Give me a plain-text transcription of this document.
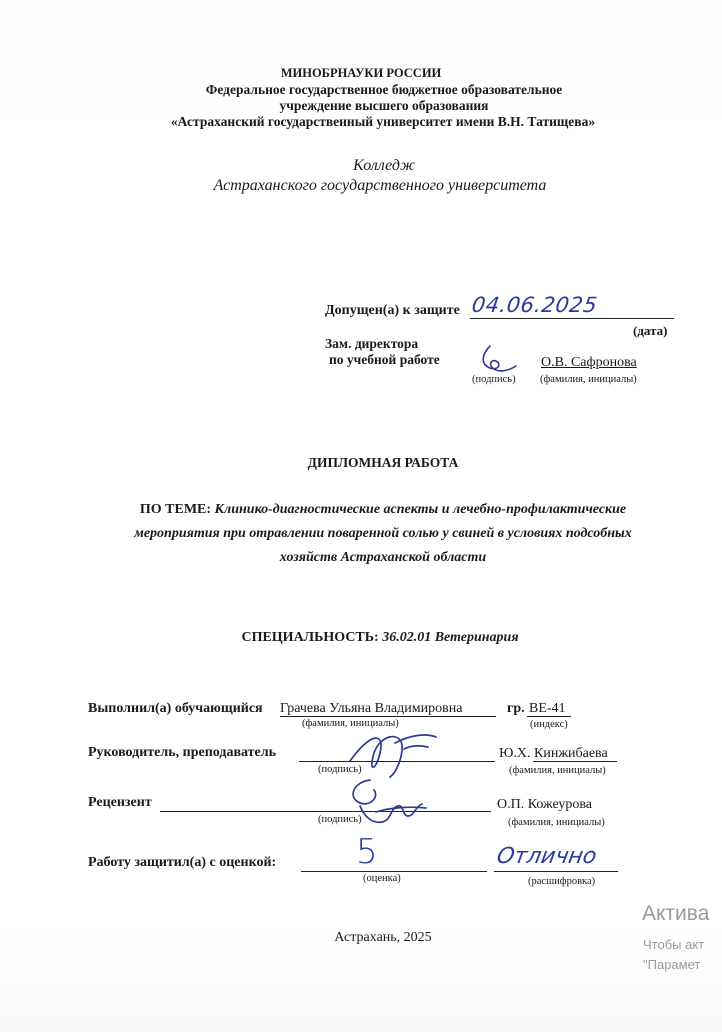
МИНОБРНАУКИ РОССИИ
Федеральное государственное бюджетное образовательное
учреждение высшего образования
«Астраханский государственный университет имени В.Н. Татищева»
Колледж
Астраханского государственного университета
Допущен(а) к защите 04.06.2025
(дата)
Зам. директора
по учебной работе
(подпись)
О.В. Сафронова
(фамилия, инициалы)
ДИПЛОМНАЯ РАБОТА
ПО ТЕМЕ: Клинико-диагностические аспекты и лечебно-профилактические
мероприятия при отравлении поваренной солью у свиней в условиях подсобных
хозяйств Астраханской области
СПЕЦИАЛЬНОСТЬ: 36.02.01 Ветеринария
Выполнил(а) обучающийся Грачева Ульяна Владимировна
(фамилия, инициалы)
гр. ВЕ-41
(индекс)
Руководитель, преподаватель
(подпись)
Ю.Х. Кинжибаева
(фамилия, инициалы)
Рецензент
(подпись)
О.П. Кожеурова
(фамилия, инициалы)
Работу защитил(а) с оценкой: 5
(оценка)
Отлично
(расшифровка)
Астрахань, 2025
Актива
Чтобы акт
"Парамет
